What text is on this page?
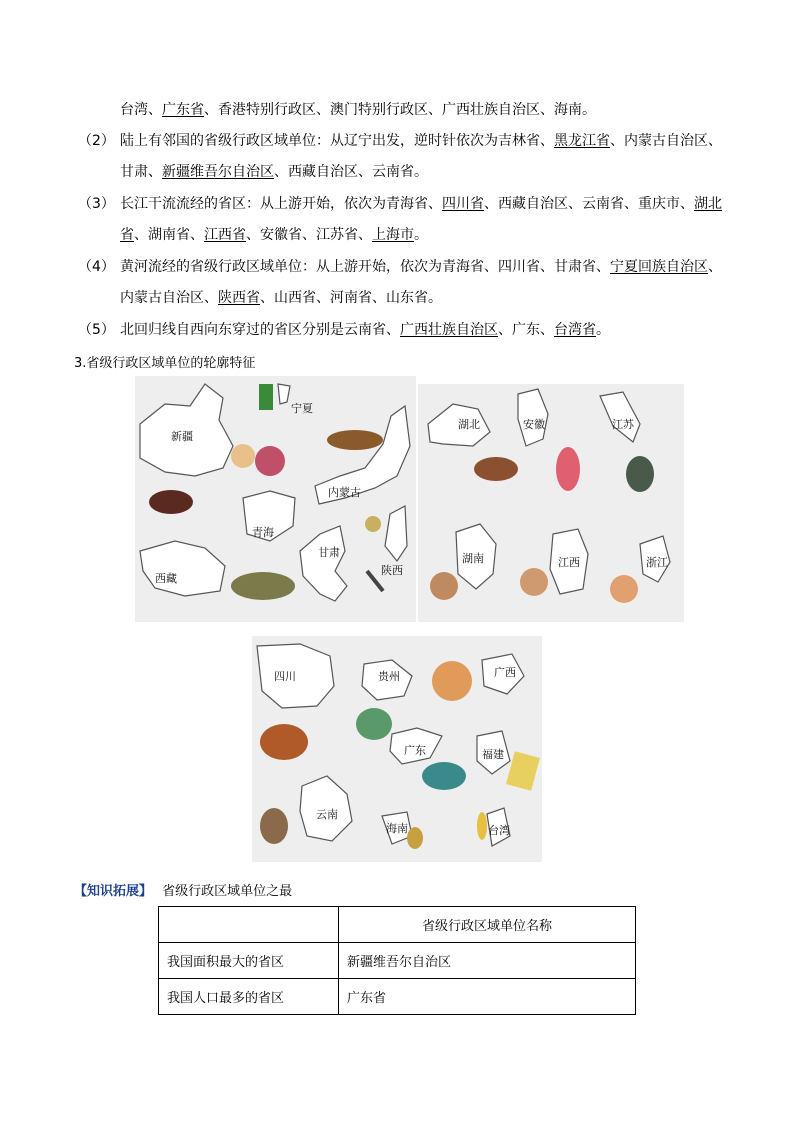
台湾、广东省、香港特别行政区、澳门特别行政区、广西壮族自治区、海南。
（2） 陆上有邻国的省级行政区域单位：从辽宁出发，逆时针依次为吉林省、黑龙江省、内蒙古自治区、
甘肃、新疆维吾尔自治区、西藏自治区、云南省。
（3） 长江干流流经的省区：从上游开始，依次为青海省、四川省、西藏自治区、云南省、重庆市、湖北
省、湖南省、江西省、安徽省、江苏省、上海市。
（4） 黄河流经的省级行政区域单位：从上游开始，依次为青海省、四川省、甘肃省、宁夏回族自治区、
内蒙古自治区、陕西省、山西省、河南省、山东省。
（5） 北回归线自西向东穿过的省区分别是云南省、广西壮族自治区、广东、台湾省。
3.省级行政区域单位的轮廓特征
新疆
宁夏
内蒙古
青海
西藏
甘肃
陕西
湖北	安徽	江苏
湖南	江西	浙江
四川	贵州	广西
广东	福建
云南
海南	台湾
【知识拓展】 省级行政区域单位之最
	省级行政区域单位名称
我国面积最大的省区	新疆维吾尔自治区
我国人口最多的省区	广东省
